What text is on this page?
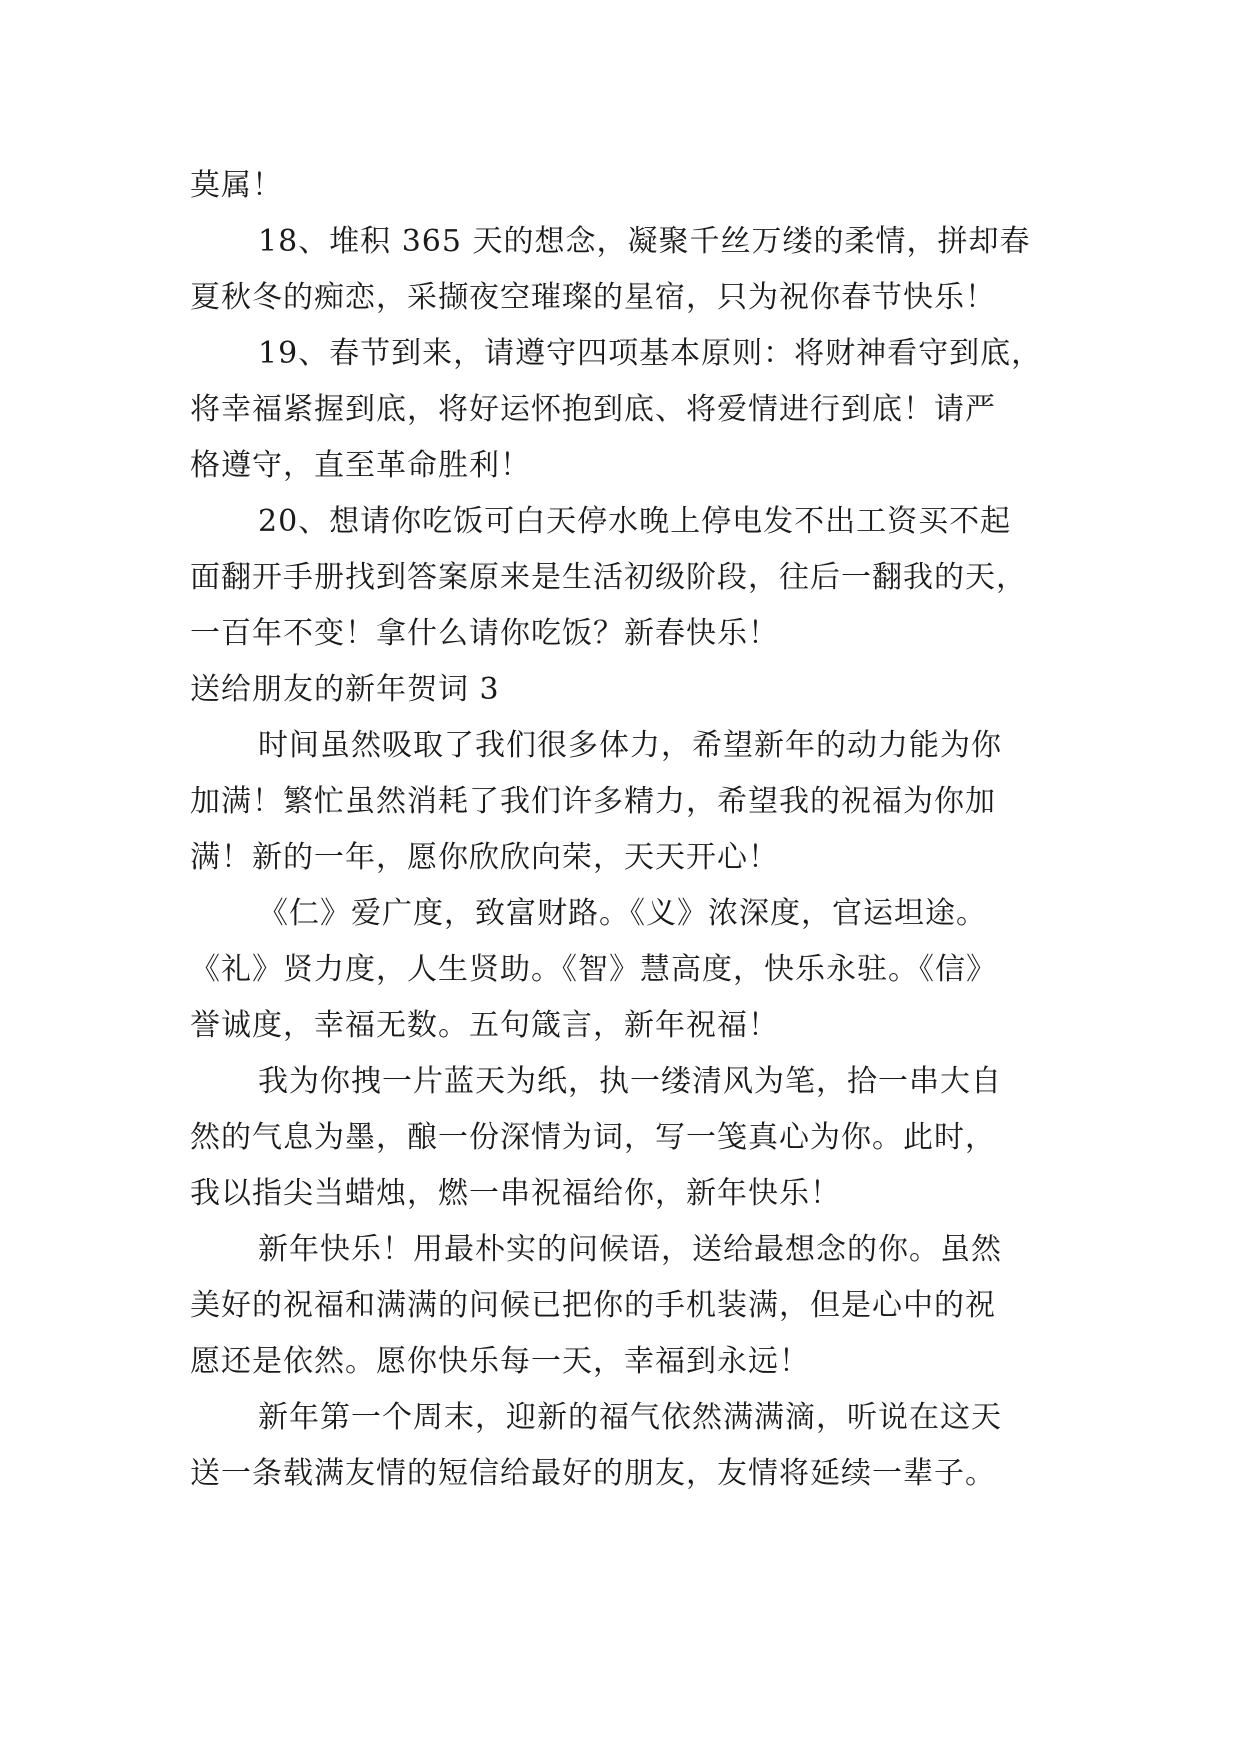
莫属！
18、堆积 365 天的想念，凝聚千丝万缕的柔情，拼却春
夏秋冬的痴恋，采撷夜空璀璨的星宿，只为祝你春节快乐！
19、春节到来，请遵守四项基本原则：将财神看守到底，
将幸福紧握到底，将好运怀抱到底、将爱情进行到底！请严
格遵守，直至革命胜利！
20、想请你吃饭可白天停水晚上停电发不出工资买不起
面翻开手册找到答案原来是生活初级阶段，往后一翻我的天，
一百年不变！拿什么请你吃饭？新春快乐！
送给朋友的新年贺词 3
时间虽然吸取了我们很多体力，希望新年的动力能为你
加满！繁忙虽然消耗了我们许多精力，希望我的祝福为你加
满！新的一年，愿你欣欣向荣，天天开心！
《仁》爱广度，致富财路。《义》浓深度，官运坦途。
《礼》贤力度，人生贤助。《智》慧高度，快乐永驻。《信》
誉诚度，幸福无数。五句箴言，新年祝福！
我为你拽一片蓝天为纸，执一缕清风为笔，拾一串大自
然的气息为墨，酿一份深情为词，写一笺真心为你。此时，
我以指尖当蜡烛，燃一串祝福给你，新年快乐！
新年快乐！用最朴实的问候语，送给最想念的你。虽然
美好的祝福和满满的问候已把你的手机装满，但是心中的祝
愿还是依然。愿你快乐每一天，幸福到永远！
新年第一个周末，迎新的福气依然满满滴，听说在这天
送一条载满友情的短信给最好的朋友，友情将延续一辈子。
